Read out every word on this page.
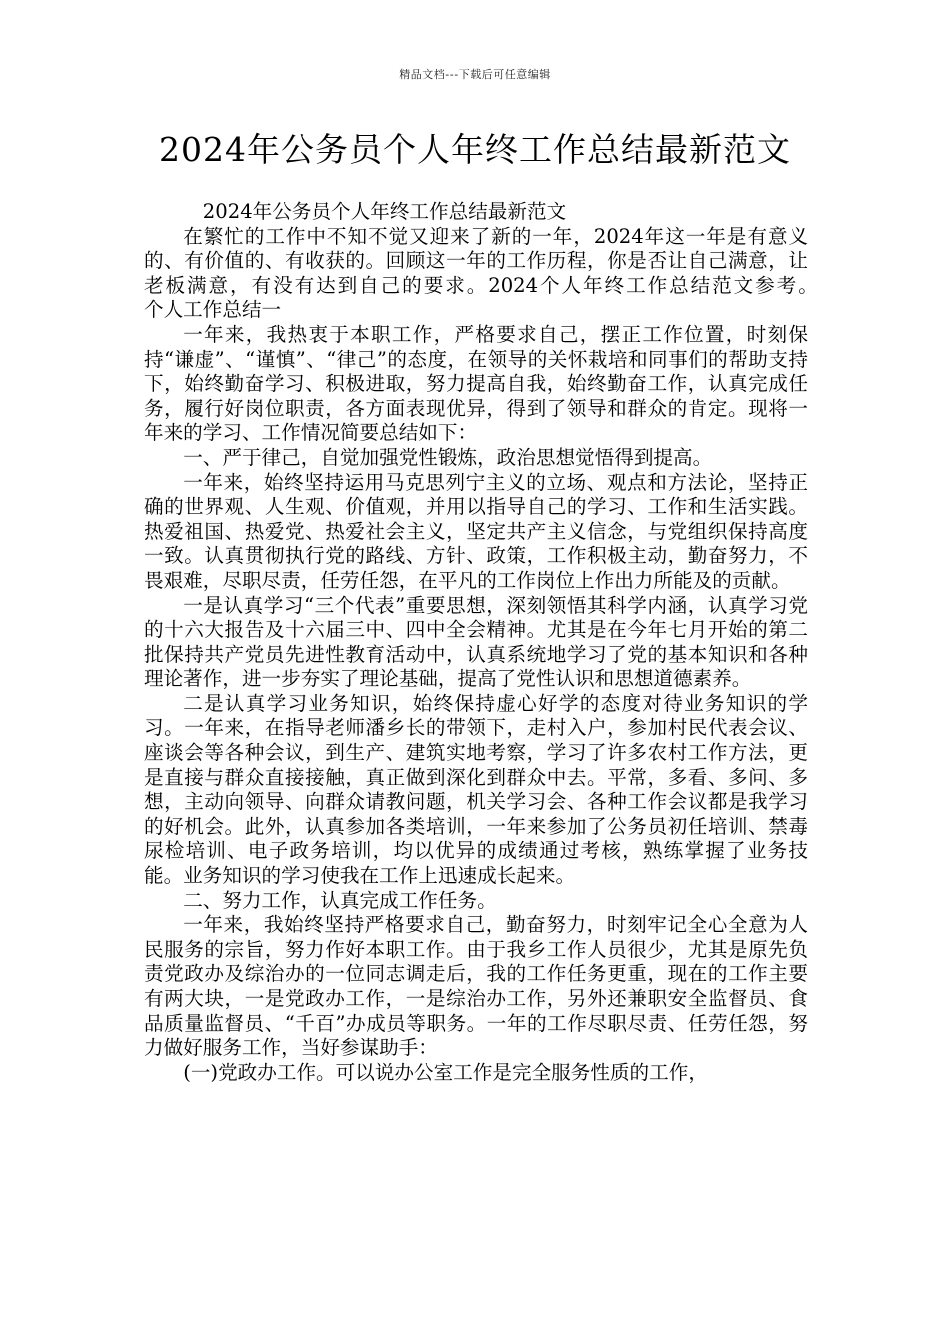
精品文档---下载后可任意编辑
2024年公务员个人年终工作总结最新范文

2024年公务员个人年终工作总结最新范文

在繁忙的工作中不知不觉又迎来了新的一年，2024年这一年是有意义的、有价值的、有收获的。回顾这一年的工作历程，你是否让自己满意，让老板满意，有没有达到自己的要求。2024个人年终工作总结范文参考。　　个人工作总结一

一年来，我热衷于本职工作，严格要求自己，摆正工作位置，时刻保持“谦虚”、“谨慎”、“律己”的态度，在领导的关怀栽培和同事们的帮助支持下，始终勤奋学习、积极进取，努力提高自我，始终勤奋工作，认真完成任务，履行好岗位职责，各方面表现优异，得到了领导和群众的肯定。现将一年来的学习、工作情况简要总结如下：

一、严于律己，自觉加强党性锻炼，政治思想觉悟得到提高。

一年来，始终坚持运用马克思列宁主义的立场、观点和方法论，坚持正确的世界观、人生观、价值观，并用以指导自己的学习、工作和生活实践。热爱祖国、热爱党、热爱社会主义，坚定共产主义信念，与党组织保持高度一致。认真贯彻执行党的路线、方针、政策，工作积极主动，勤奋努力，不畏艰难，尽职尽责，任劳任怨，在平凡的工作岗位上作出力所能及的贡献。

一是认真学习“三个代表”重要思想，深刻领悟其科学内涵，认真学习党的十六大报告及十六届三中、四中全会精神。尤其是在今年七月开始的第二批保持共产党员先进性教育活动中，认真系统地学习了党的基本知识和各种理论著作，进一步夯实了理论基础，提高了党性认识和思想道德素养。

二是认真学习业务知识，始终保持虚心好学的态度对待业务知识的学习。一年来，在指导老师潘乡长的带领下，走村入户，参加村民代表会议、座谈会等各种会议，到生产、建筑实地考察，学习了许多农村工作方法，更是直接与群众直接接触，真正做到深化到群众中去。平常，多看、多问、多想，主动向领导、向群众请教问题，机关学习会、各种工作会议都是我学习的好机会。此外，认真参加各类培训，一年来参加了公务员初任培训、禁毒尿检培训、电子政务培训，均以优异的成绩通过考核，熟练掌握了业务技能。业务知识的学习使我在工作上迅速成长起来。

二、努力工作，认真完成工作任务。

一年来，我始终坚持严格要求自己，勤奋努力，时刻牢记全心全意为人民服务的宗旨，努力作好本职工作。由于我乡工作人员很少，尤其是原先负责党政办及综治办的一位同志调走后，我的工作任务更重，现在的工作主要有两大块，一是党政办工作，一是综治办工作，另外还兼职安全监督员、食品质量监督员、“千百”办成员等职务。一年的工作尽职尽责、任劳任怨，努力做好服务工作，当好参谋助手：

(一)党政办工作。可以说办公室工作是完全服务性质的工作，
